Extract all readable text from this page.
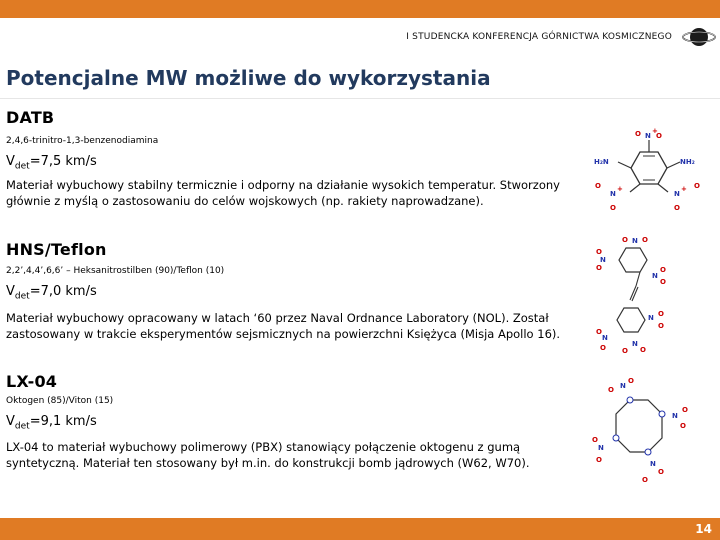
I STUDENCKA KONFERENCJA GÓRNICTWA KOSMICZNEGO
Potencjalne MW możliwe do wykorzystania
DATB
2,4,6-trinitro-1,3-benzenodiamina
$V_{det}=7,5$ km/s
Materiał wybuchowy stabilny termicznie i odporny na działanie wysokich temperatur. Stworzony głównie z myślą o zastosowaniu do celów wojskowych (np. rakiety naprowadzane).
N
+
O O
H₂N	NH₂
N
+
O
O
N
+ O
O
HNS/Teflon
2,2’,4,4’,6,6’ – Heksanitrostilben (90)/Teflon (10)
$V_{det}=7,0$ km/s
Materiał wybuchowy opracowany w latach ‘60 przez Naval Ordnance Laboratory (NOL). Został zastosowany w trakcie eksperymentów sejsmicznych na powierzchni Księżyca (Misja Apollo 16).
N O
O
N
O
O
N
O
O
N O
O
N
O
O	N
O
O
LX-04
Oktogen (85)/Viton (15)
$V_{det}=9,1$ km/s
LX-04 to materiał wybuchowy polimerowy (PBX) stanowiący połączenie oktogenu z gumą syntetyczną. Materiał ten stosowany był m.in. do konstrukcji bomb jądrowych (W62, W70).
N
O
O
N
O
O
N
O
O
N
O
O
14
